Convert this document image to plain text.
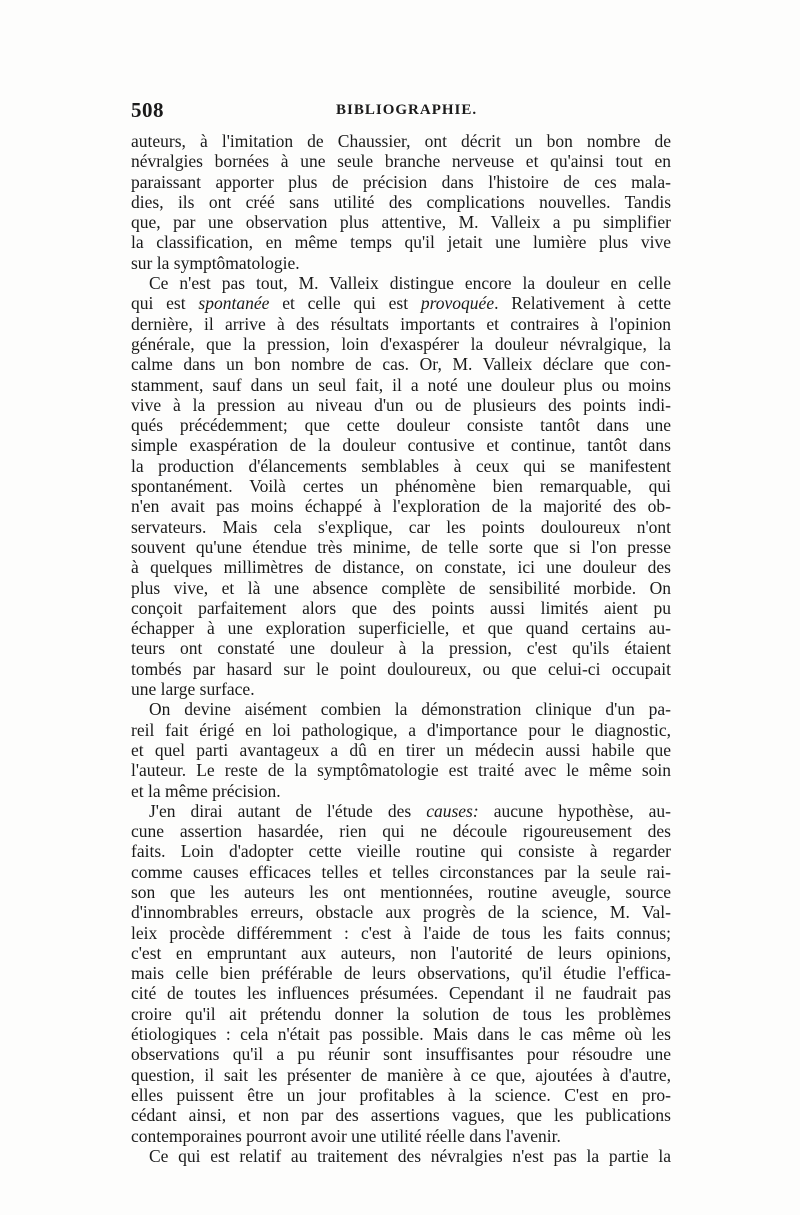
508	BIBLIOGRAPHIE.
auteurs, à l'imitation de Chaussier, ont décrit un bon nombre de
névralgies bornées à une seule branche nerveuse et qu'ainsi tout en
paraissant apporter plus de précision dans l'histoire de ces mala-
dies, ils ont créé sans utilité des complications nouvelles. Tandis
que, par une observation plus attentive, M. Valleix a pu simplifier
la classification, en même temps qu'il jetait une lumière plus vive
sur la symptômatologie.
Ce n'est pas tout, M. Valleix distingue encore la douleur en celle
qui est spontanée et celle qui est provoquée. Relativement à cette
dernière, il arrive à des résultats importants et contraires à l'opinion
générale, que la pression, loin d'exaspérer la douleur névralgique, la
calme dans un bon nombre de cas. Or, M. Valleix déclare que con-
stamment, sauf dans un seul fait, il a noté une douleur plus ou moins
vive à la pression au niveau d'un ou de plusieurs des points indi-
qués précédemment; que cette douleur consiste tantôt dans une
simple exaspération de la douleur contusive et continue, tantôt dans
la production d'élancements semblables à ceux qui se manifestent
spontanément. Voilà certes un phénomène bien remarquable, qui
n'en avait pas moins échappé à l'exploration de la majorité des ob-
servateurs. Mais cela s'explique, car les points douloureux n'ont
souvent qu'une étendue très minime, de telle sorte que si l'on presse
à quelques millimètres de distance, on constate, ici une douleur des
plus vive, et là une absence complète de sensibilité morbide. On
conçoit parfaitement alors que des points aussi limités aient pu
échapper à une exploration superficielle, et que quand certains au-
teurs ont constaté une douleur à la pression, c'est qu'ils étaient
tombés par hasard sur le point douloureux, ou que celui-ci occupait
une large surface.
On devine aisément combien la démonstration clinique d'un pa-
reil fait érigé en loi pathologique, a d'importance pour le diagnostic,
et quel parti avantageux a dû en tirer un médecin aussi habile que
l'auteur. Le reste de la symptômatologie est traité avec le même soin
et la même précision.
J'en dirai autant de l'étude des causes: aucune hypothèse, au-
cune assertion hasardée, rien qui ne découle rigoureusement des
faits. Loin d'adopter cette vieille routine qui consiste à regarder
comme causes efficaces telles et telles circonstances par la seule rai-
son que les auteurs les ont mentionnées, routine aveugle, source
d'innombrables erreurs, obstacle aux progrès de la science, M. Val-
leix procède différemment : c'est à l'aide de tous les faits connus;
c'est en empruntant aux auteurs, non l'autorité de leurs opinions,
mais celle bien préférable de leurs observations, qu'il étudie l'effica-
cité de toutes les influences présumées. Cependant il ne faudrait pas
croire qu'il ait prétendu donner la solution de tous les problèmes
étiologiques : cela n'était pas possible. Mais dans le cas même où les
observations qu'il a pu réunir sont insuffisantes pour résoudre une
question, il sait les présenter de manière à ce que, ajoutées à d'autre,
elles puissent être un jour profitables à la science. C'est en pro-
cédant ainsi, et non par des assertions vagues, que les publications
contemporaines pourront avoir une utilité réelle dans l'avenir.
Ce qui est relatif au traitement des névralgies n'est pas la partie la
